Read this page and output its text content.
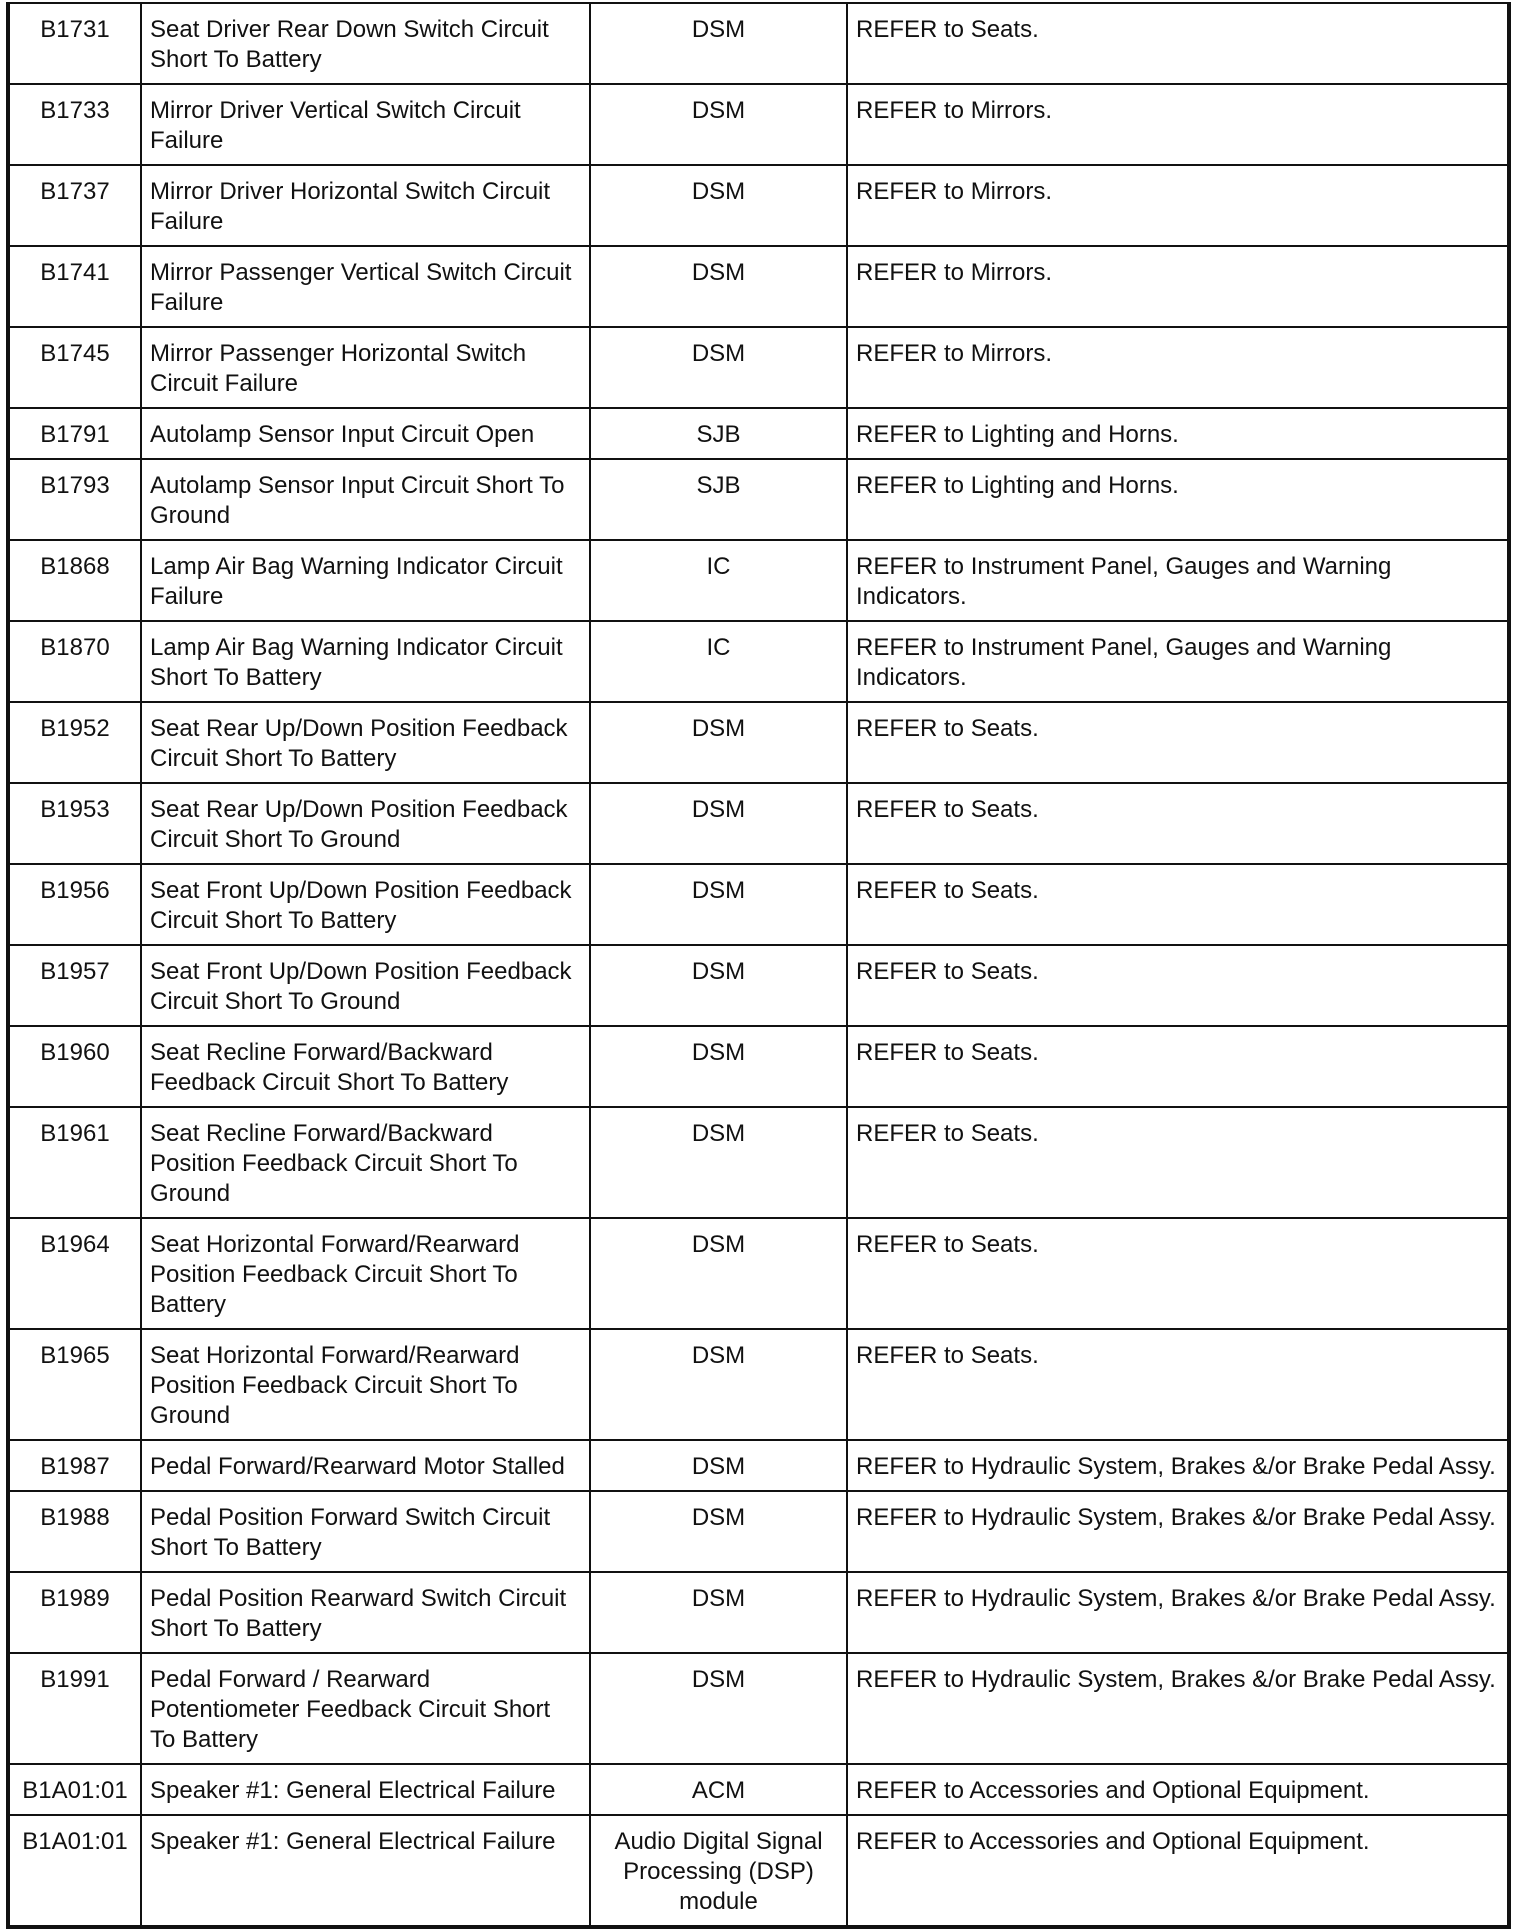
B1731	Seat Driver Rear Down Switch Circuit Short To Battery	DSM	REFER to Seats.
B1733	Mirror Driver Vertical Switch Circuit Failure	DSM	REFER to Mirrors.
B1737	Mirror Driver Horizontal Switch Circuit Failure	DSM	REFER to Mirrors.
B1741	Mirror Passenger Vertical Switch Circuit Failure	DSM	REFER to Mirrors.
B1745	Mirror Passenger Horizontal Switch Circuit Failure	DSM	REFER to Mirrors.
B1791	Autolamp Sensor Input Circuit Open	SJB	REFER to Lighting and Horns.
B1793	Autolamp Sensor Input Circuit Short To Ground	SJB	REFER to Lighting and Horns.
B1868	Lamp Air Bag Warning Indicator Circuit Failure	IC	REFER to Instrument Panel, Gauges and Warning Indicators.
B1870	Lamp Air Bag Warning Indicator Circuit Short To Battery	IC	REFER to Instrument Panel, Gauges and Warning Indicators.
B1952	Seat Rear Up/Down Position Feedback Circuit Short To Battery	DSM	REFER to Seats.
B1953	Seat Rear Up/Down Position Feedback Circuit Short To Ground	DSM	REFER to Seats.
B1956	Seat Front Up/Down Position Feedback Circuit Short To Battery	DSM	REFER to Seats.
B1957	Seat Front Up/Down Position Feedback Circuit Short To Ground	DSM	REFER to Seats.
B1960	Seat Recline Forward/Backward Feedback Circuit Short To Battery	DSM	REFER to Seats.
B1961	Seat Recline Forward/Backward Position Feedback Circuit Short To Ground	DSM	REFER to Seats.
B1964	Seat Horizontal Forward/Rearward Position Feedback Circuit Short To Battery	DSM	REFER to Seats.
B1965	Seat Horizontal Forward/Rearward Position Feedback Circuit Short To Ground	DSM	REFER to Seats.
B1987	Pedal Forward/Rearward Motor Stalled	DSM	REFER to Hydraulic System, Brakes &/or Brake Pedal Assy.
B1988	Pedal Position Forward Switch Circuit Short To Battery	DSM	REFER to Hydraulic System, Brakes &/or Brake Pedal Assy.
B1989	Pedal Position Rearward Switch Circuit Short To Battery	DSM	REFER to Hydraulic System, Brakes &/or Brake Pedal Assy.
B1991	Pedal Forward / Rearward Potentiometer Feedback Circuit Short To Battery	DSM	REFER to Hydraulic System, Brakes &/or Brake Pedal Assy.
B1A01:01	Speaker #1: General Electrical Failure	ACM	REFER to Accessories and Optional Equipment.
B1A01:01	Speaker #1: General Electrical Failure	Audio Digital Signal Processing (DSP) module	REFER to Accessories and Optional Equipment.
